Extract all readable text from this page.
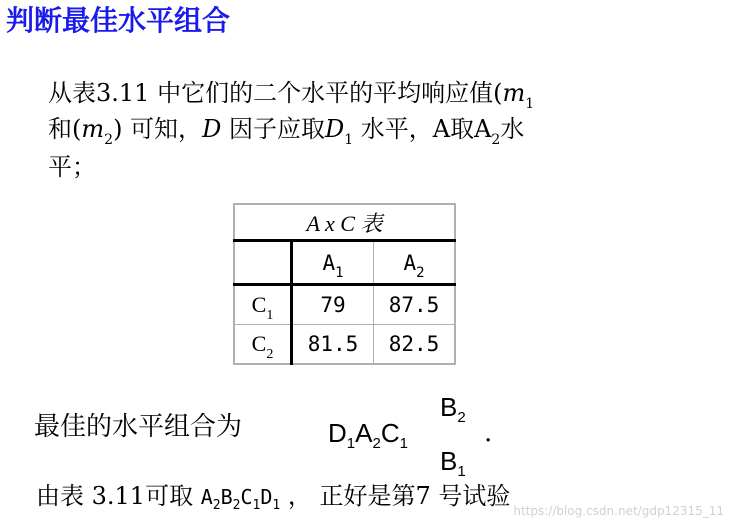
判断最佳水平组合
从表3.11 中它们的二个水平的平均响应值($m_1$
和$(m_2)$ 可知，D 因子应取$D_1$ 水平，A取$A_2$水
平；
A x C 表		
	$A_1$	$A_2$
$C_1$	79	87.5
$C_2$	81.5	82.5
最佳的水平组合为	$D_1A_2C_1$
$B_2$
$B_1$
.
由表 3.11可取 $A_2B_2C_1D_1$ ， 正好是第7 号试验
https://blog.csdn.net/gdp12315_11
